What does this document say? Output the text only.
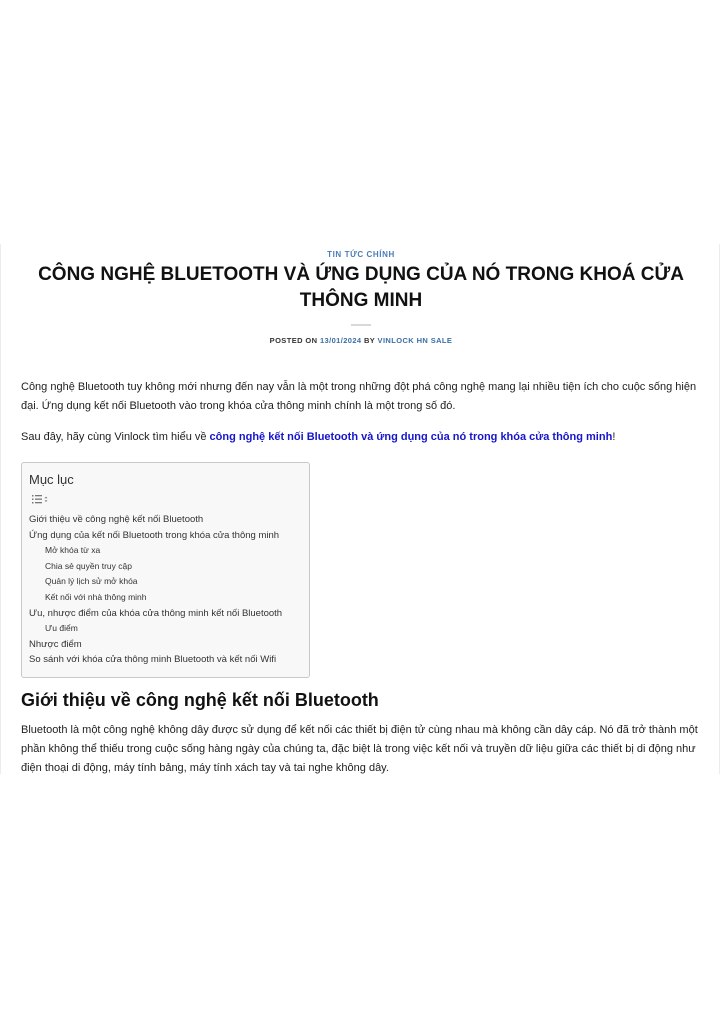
TIN TỨC CHÍNH
CÔNG NGHỆ BLUETOOTH VÀ ỨNG DỤNG CỦA NÓ TRONG KHOÁ CỬA THÔNG MINH
POSTED ON 13/01/2024 BY VINLOCK HN SALE

Công nghệ Bluetooth tuy không mới nhưng đến nay vẫn là một trong những đột phá công nghệ mang lại nhiều tiện ích cho cuộc sống hiện đại. Ứng dụng kết nối Bluetooth vào trong khóa cửa thông minh chính là một trong số đó.

Sau đây, hãy cùng Vinlock tìm hiểu về công nghệ kết nối Bluetooth và ứng dụng của nó trong khóa cửa thông minh!

Mục lục
Giới thiệu về công nghệ kết nối Bluetooth
Ứng dụng của kết nối Bluetooth trong khóa cửa thông minh
Mở khóa từ xa
Chia sẻ quyền truy cập
Quản lý lịch sử mở khóa
Kết nối với nhà thông minh
Ưu, nhược điểm của khóa cửa thông minh kết nối Bluetooth
Ưu điểm
Nhược điểm
So sánh với khóa cửa thông minh Bluetooth và kết nối Wifi
Giới thiệu về công nghệ kết nối Bluetooth

Bluetooth là một công nghệ không dây được sử dụng để kết nối các thiết bị điện tử cùng nhau mà không cần dây cáp. Nó đã trở thành một phần không thể thiếu trong cuộc sống hàng ngày của chúng ta, đặc biệt là trong việc kết nối và truyền dữ liệu giữa các thiết bị di động như điện thoại di động, máy tính bảng, máy tính xách tay và tai nghe không dây.
